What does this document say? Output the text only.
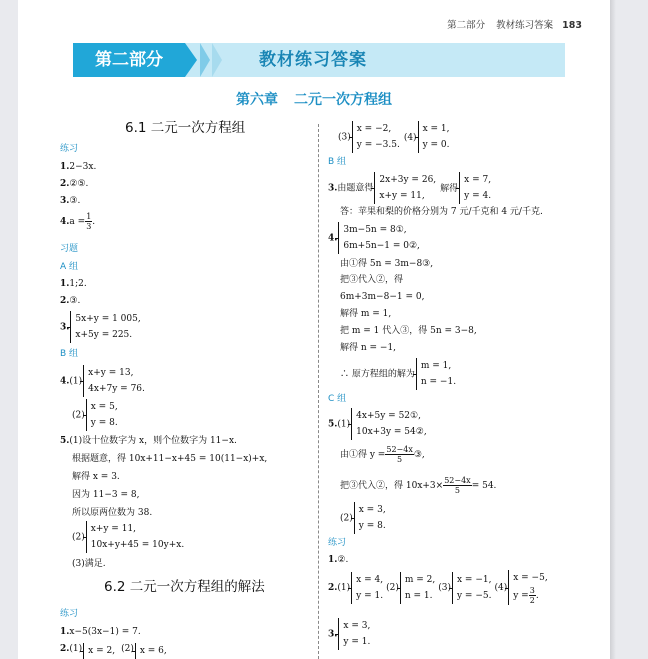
第二部分 教材练习答案 183
第二部分	教材练习答案
第六章 二元一次方程组
6.1 二元一次方程组
练习
1.2−3x.
2.②⑤.
3.③.
$4.a = \frac{1}{3}$ .
习题
A 组
1.1;2.
2.③.
3.
5x+y = 1 005,
x+5y = 225.
B 组
4.(1)
x+y = 13,
4x+7y = 76.
(2)
x = 5,
y = 8.
5.(1)设十位数字为 x，则个位数字为 11−x.
根据题意，得 10x+11−x+45 = 10(11−x)+x,
解得 x = 3.
因为 11−3 = 8,
所以原两位数为 38.
(2)
x+y = 11,
10x+y+45 = 10y+x.
(3)满足.
6.2 二元一次方程组的解法
练习
1.x−5(3x−1) = 7.
2.(1) x = 2, (2) x = 6,
(3)
x = −2,
y = −3.5.
(4)
x = 1,
y = 0.
B 组
3.由题意得
2x+3y = 26,
x+y = 11,
解得
x = 7,
y = 4.
答：苹果和梨的价格分别为 7 元/千克和 4 元/千克.
4.
3m−5n = 8①,
6m+5n−1 = 0②,
由①得 5n = 3m−8③,
把③代入②，得
6m+3m−8−1 = 0,
解得 m = 1,
把 m = 1 代入③，得 5n = 3−8,
解得 n = −1,
∴ 原方程组的解为
m = 1,
n = −1.
C 组
5.(1)
4x+5y = 52①,
10x+3y = 54②,
由①得 $y = \frac{52-4x}{5}$ ③,
把③代入②，得 $10x+3\times \frac{52-4x}{5} = 54$.
(2)
x = 3,
y = 8.
练习
1.②.
2.(1)
x = 4,
y = 1.
(2)
m = 2,
n = 1.
(3)
x = −1,
y = −5.
(4)
x = −5,
$y = \frac{3}{2}$ .
3.
x = 3,
y = 1.
